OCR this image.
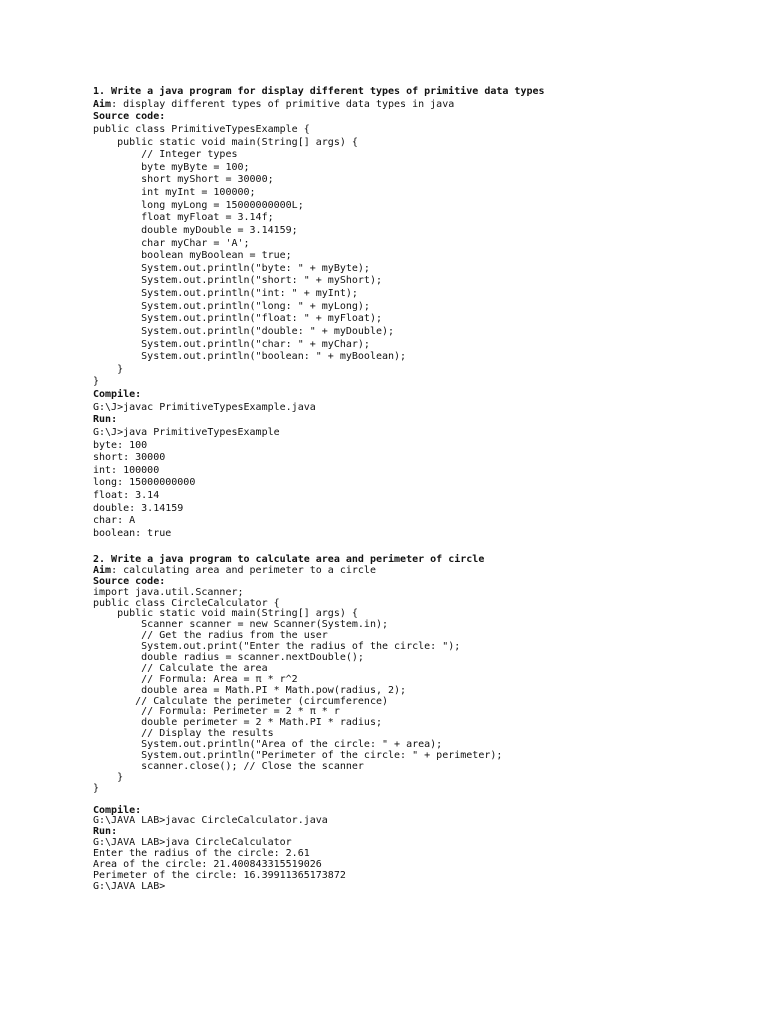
1. Write a java program for display different types of primitive data types
Aim: display different types of primitive data types in java
Source code:
public class PrimitiveTypesExample {
public static void main(String[] args) {
// Integer types
byte myByte = 100;
short myShort = 30000;
int myInt = 100000;
long myLong = 15000000000L;
float myFloat = 3.14f;
double myDouble = 3.14159;
char myChar = 'A';
boolean myBoolean = true;
System.out.println("byte: " + myByte);
System.out.println("short: " + myShort);
System.out.println("int: " + myInt);
System.out.println("long: " + myLong);
System.out.println("float: " + myFloat);
System.out.println("double: " + myDouble);
System.out.println("char: " + myChar);
System.out.println("boolean: " + myBoolean);
}
}
Compile:
G:\J>javac PrimitiveTypesExample.java
Run:
G:\J>java PrimitiveTypesExample
byte: 100
short: 30000
int: 100000
long: 15000000000
float: 3.14
double: 3.14159
char: A
boolean: true
2. Write a java program to calculate area and perimeter of circle
Aim: calculating area and perimeter to a circle
Source code:
import java.util.Scanner;
public class CircleCalculator {
public static void main(String[] args) {
Scanner scanner = new Scanner(System.in);
// Get the radius from the user
System.out.print("Enter the radius of the circle: ");
double radius = scanner.nextDouble();
// Calculate the area
// Formula: Area = π * r^2
double area = Math.PI * Math.pow(radius, 2);
// Calculate the perimeter (circumference)
// Formula: Perimeter = 2 * π * r
double perimeter = 2 * Math.PI * radius;
// Display the results
System.out.println("Area of the circle: " + area);
System.out.println("Perimeter of the circle: " + perimeter);
scanner.close(); // Close the scanner
}
}
Compile:
G:\JAVA LAB>javac CircleCalculator.java
Run:
G:\JAVA LAB>java CircleCalculator
Enter the radius of the circle: 2.61
Area of the circle: 21.400843315519026
Perimeter of the circle: 16.39911365173872
G:\JAVA LAB>
